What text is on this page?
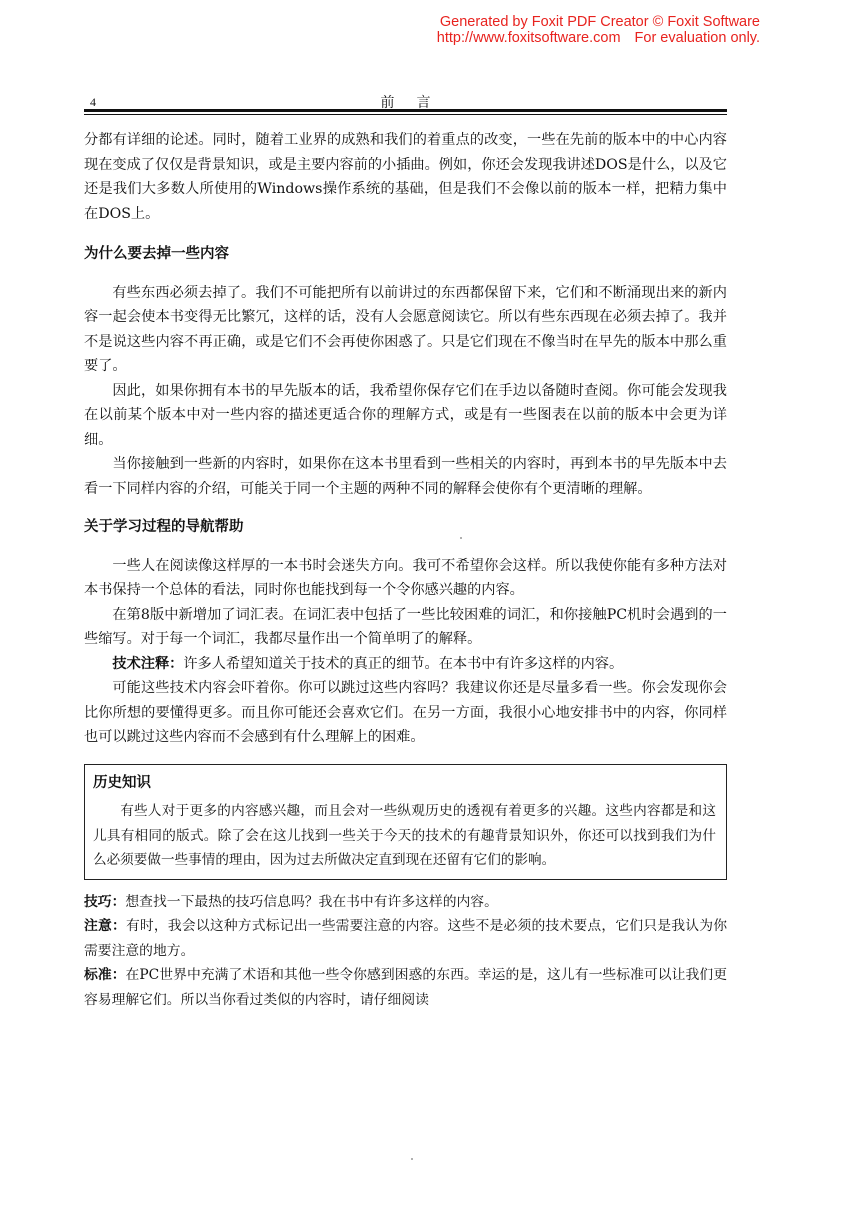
Generated by Foxit PDF Creator © Foxit Software
http://www.foxitsoftware.com For evaluation only.
4	前言

分都有详细的论述。同时，随着工业界的成熟和我们的着重点的改变，一些在先前的版本中的中心内容现在变成了仅仅是背景知识，或是主要内容前的小插曲。例如，你还会发现我讲述DOS是什么，以及它还是我们大多数人所使用的Windows操作系统的基础，但是我们不会像以前的版本一样，把精力集中在DOS上。

为什么要去掉一些内容

有些东西必须去掉了。我们不可能把所有以前讲过的东西都保留下来，它们和不断涌现出来的新内容一起会使本书变得无比繁冗，这样的话，没有人会愿意阅读它。所以有些东西现在必须去掉了。我并不是说这些内容不再正确，或是它们不会再使你困惑了。只是它们现在不像当时在早先的版本中那么重要了。

因此，如果你拥有本书的早先版本的话，我希望你保存它们在手边以备随时查阅。你可能会发现我在以前某个版本中对一些内容的描述更适合你的理解方式，或是有一些图表在以前的版本中会更为详细。

当你接触到一些新的内容时，如果你在这本书里看到一些相关的内容时，再到本书的早先版本中去看一下同样内容的介绍，可能关于同一个主题的两种不同的解释会使你有个更清晰的理解。

关于学习过程的导航帮助

一些人在阅读像这样厚的一本书时会迷失方向。我可不希望你会这样。所以我使你能有多种方法对本书保持一个总体的看法，同时你也能找到每一个令你感兴趣的内容。

在第8版中新增加了词汇表。在词汇表中包括了一些比较困难的词汇，和你接触PC机时会遇到的一些缩写。对于每一个词汇，我都尽量作出一个简单明了的解释。

技术注释：许多人希望知道关于技术的真正的细节。在本书中有许多这样的内容。

可能这些技术内容会吓着你。你可以跳过这些内容吗？我建议你还是尽量多看一些。你会发现你会比你所想的要懂得更多。而且你可能还会喜欢它们。在另一方面，我很小心地安排书中的内容，你同样也可以跳过这些内容而不会感到有什么理解上的困难。

历史知识

有些人对于更多的内容感兴趣，而且会对一些纵观历史的透视有着更多的兴趣。这些内容都是和这儿具有相同的版式。除了会在这儿找到一些关于今天的技术的有趣背景知识外，你还可以找到我们为什么必须要做一些事情的理由，因为过去所做决定直到现在还留有它们的影响。

技巧：想查找一下最热的技巧信息吗？我在书中有许多这样的内容。

注意：有时，我会以这种方式标记出一些需要注意的内容。这些不是必须的技术要点，它们只是我认为你需要注意的地方。

标准：在PC世界中充满了术语和其他一些令你感到困惑的东西。幸运的是，这儿有一些标准可以让我们更容易理解它们。所以当你看过类似的内容时，请仔细阅读
